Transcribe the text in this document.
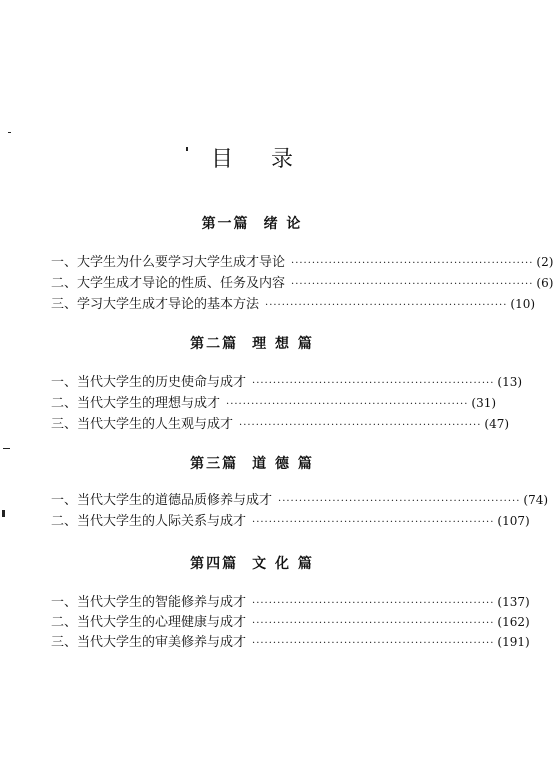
目 录
第一篇 绪 论
一、大学生为什么要学习大学生成才导论 ·························································· (2)
二、大学生成才导论的性质、任务及内容 ·························································· (6)
三、学习大学生成才导论的基本方法 ·························································· (10)
第二篇 理 想 篇
一、当代大学生的历史使命与成才 ·························································· (13)
二、当代大学生的理想与成才 ·························································· (31)
三、当代大学生的人生观与成才 ·························································· (47)
第三篇 道 德 篇
一、当代大学生的道德品质修养与成才 ·························································· (74)
二、当代大学生的人际关系与成才 ·························································· (107)
第四篇 文 化 篇
一、当代大学生的智能修养与成才 ·························································· (137)
二、当代大学生的心理健康与成才 ·························································· (162)
三、当代大学生的审美修养与成才 ·························································· (191)
